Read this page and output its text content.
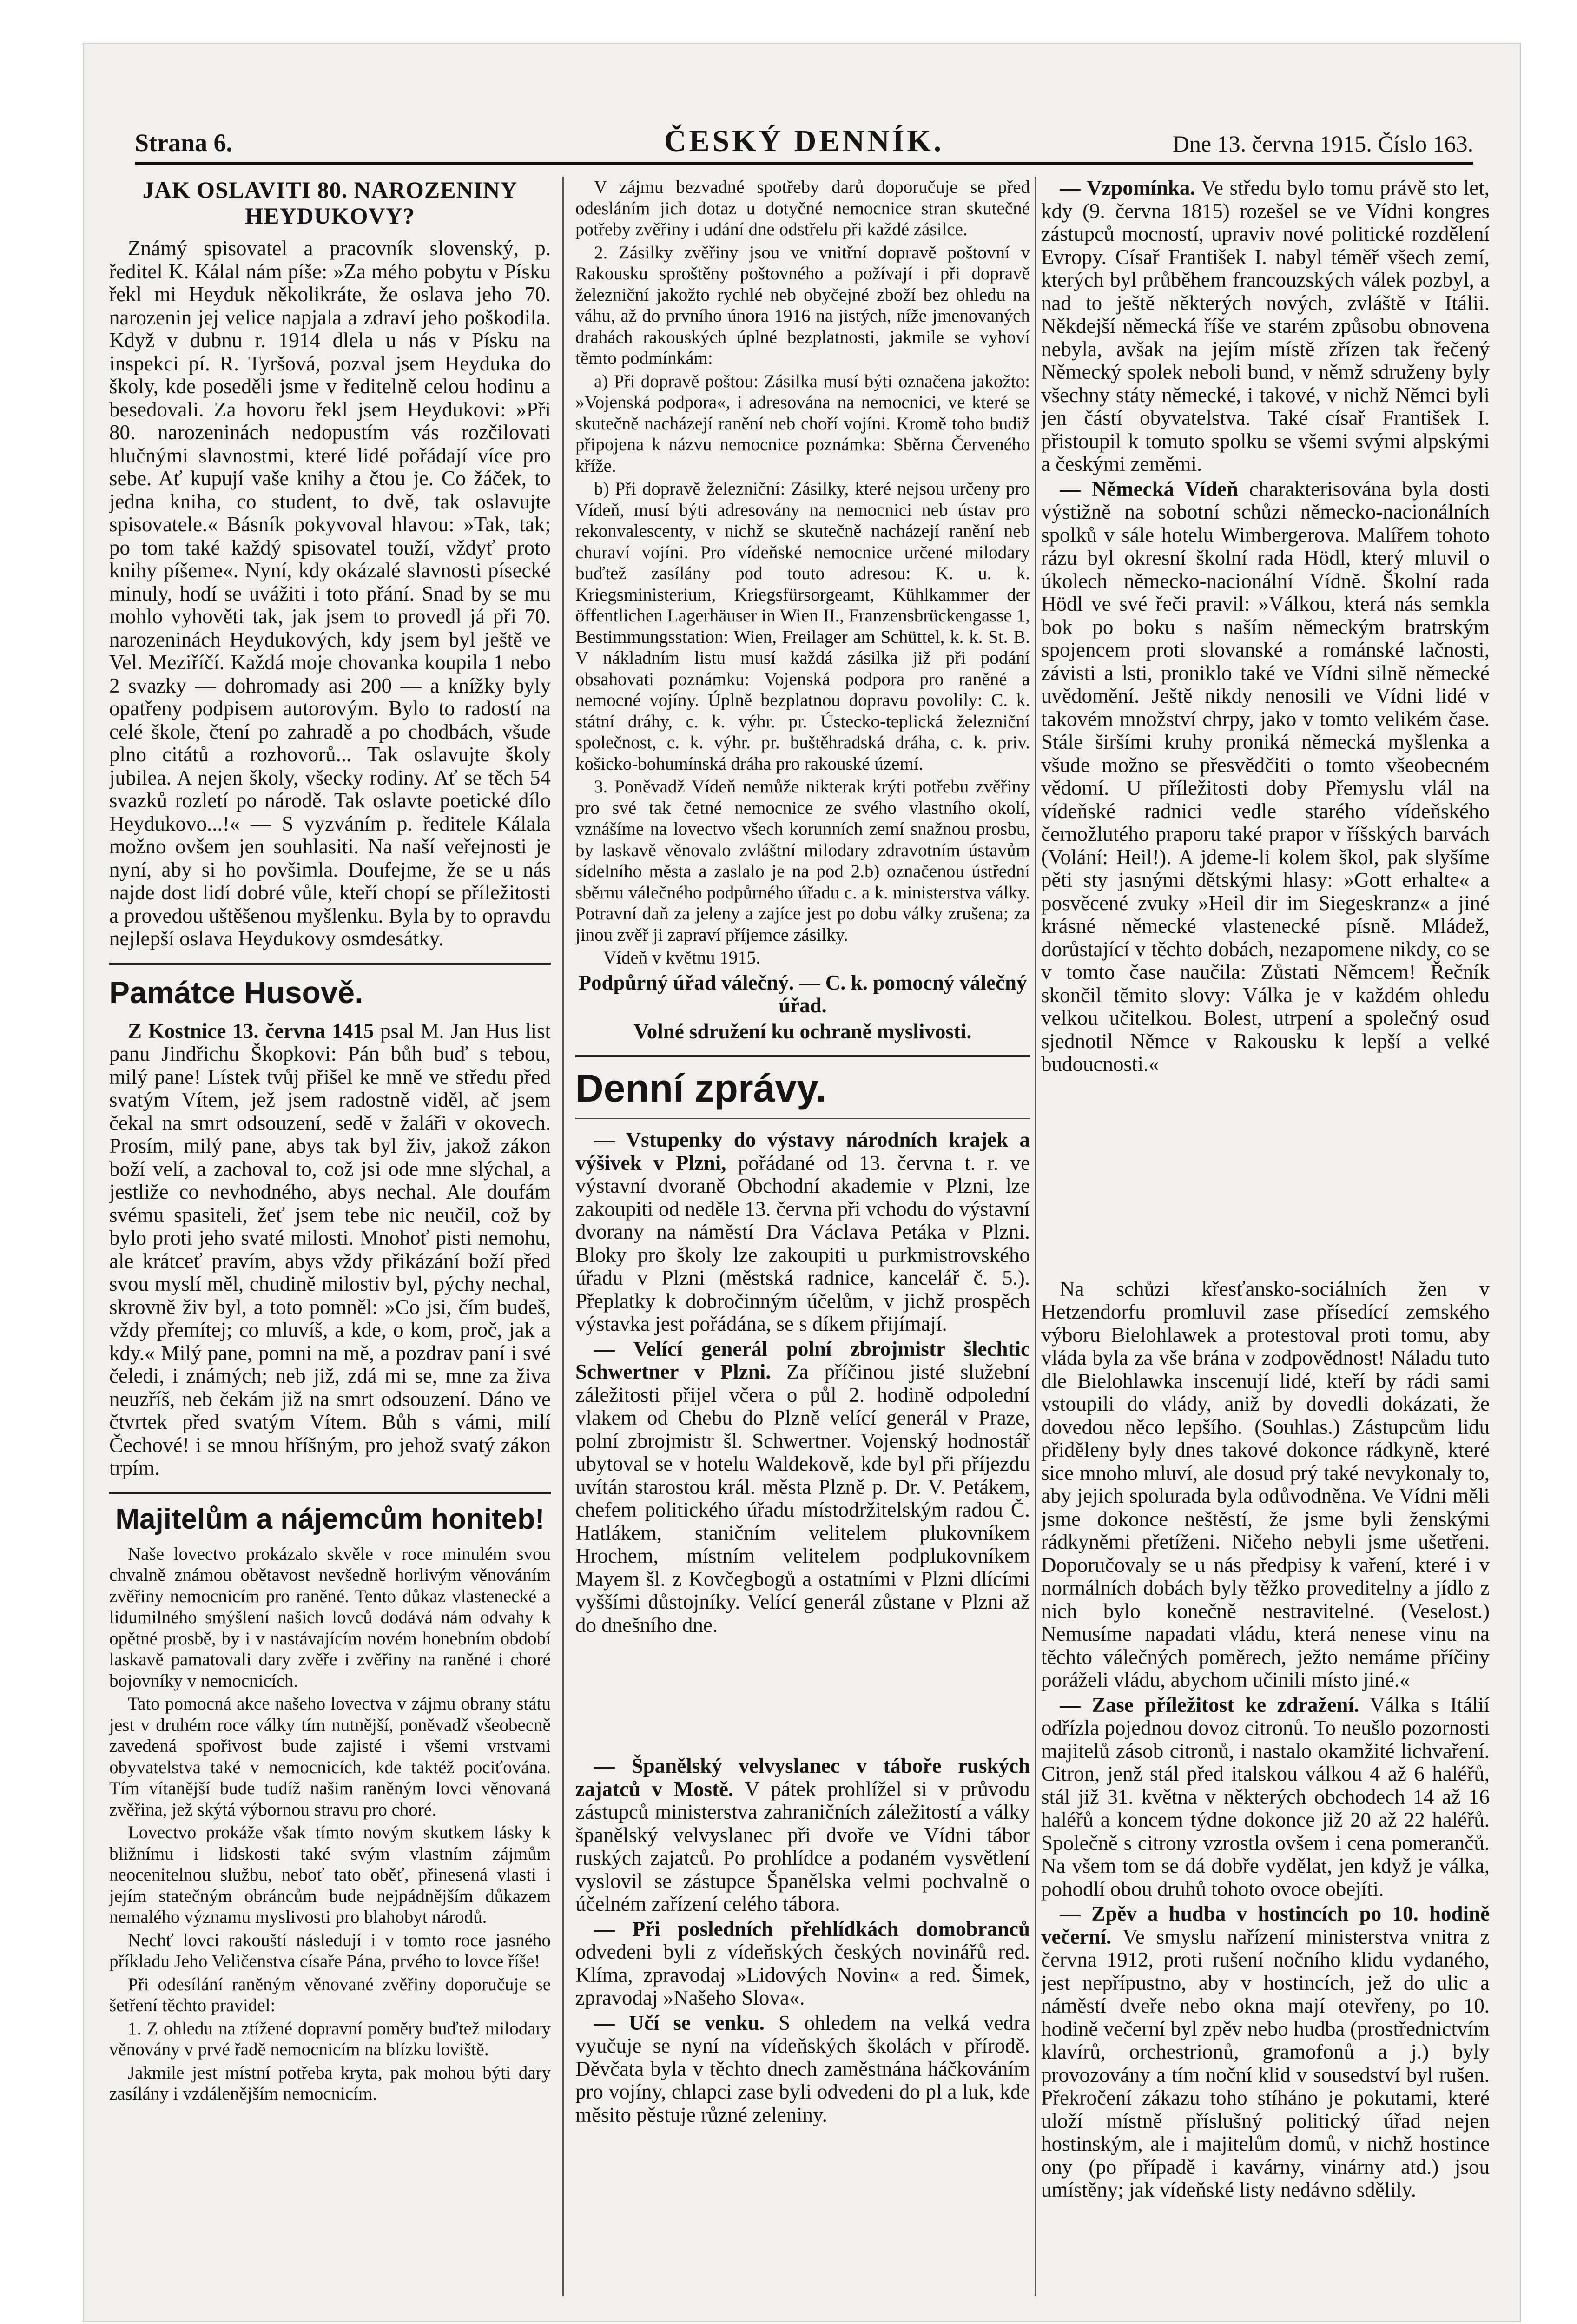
Strana 6.	ČESKÝ DENNÍK.	Dne 13. června 1915. Číslo 163.
JAK OSLAVITI 80. NAROZENINY HEYDUKOVY?

Známý spisovatel a pracovník slovenský, p. ředitel K. Kálal nám píše: »Za mého pobytu v Písku řekl mi Heyduk několikráte, že oslava jeho 70. narozenin jej velice napjala a zdraví jeho poškodila. Když v dubnu r. 1914 dlela u nás v Písku na inspekci pí. R. Tyršová, pozval jsem Heyduka do školy, kde poseděli jsme v ředitelně celou hodinu a besedovali. Za hovoru řekl jsem Heydukovi: »Při 80. narozeninách nedopustím vás rozčilovati hlučnými slavnostmi, které lidé pořádají více pro sebe. Ať kupují vaše knihy a čtou je. Co žáček, to jedna kniha, co student, to dvě, tak oslavujte spisovatele.« Básník pokyvoval hlavou: »Tak, tak; po tom také každý spisovatel touží, vždyť proto knihy píšeme«. Nyní, kdy okázalé slavnosti písecké minuly, hodí se uvážiti i toto přání. Snad by se mu mohlo vyhověti tak, jak jsem to provedl já při 70. narozeninách Heydukových, kdy jsem byl ještě ve Vel. Meziříčí. Každá moje chovanka koupila 1 nebo 2 svazky — dohromady asi 200 — a knížky byly opatřeny podpisem autorovým. Bylo to radostí na celé škole, čtení po zahradě a po chodbách, všude plno citátů a rozhovorů... Tak oslavujte školy jubilea. A nejen školy, všecky rodiny. Ať se těch 54 svazků rozletí po národě. Tak oslavte poetické dílo Heydukovo...!« — S vyzváním p. ředitele Kálala možno ovšem jen souhlasiti. Na naší veřejnosti je nyní, aby si ho povšimla. Doufejme, že se u nás najde dost lidí dobré vůle, kteří chopí se příležitosti a provedou uštěšenou myšlenku. Byla by to opravdu nejlepší oslava Heydukovy osmdesátky.

Památce Husově.

Z Kostnice 13. června 1415 psal M. Jan Hus list panu Jindřichu Škopkovi: Pán bůh buď s tebou, milý pane! Lístek tvůj přišel ke mně ve středu před svatým Vítem, jež jsem radostně viděl, ač jsem čekal na smrt odsouzení, sedě v žaláři v okovech. Prosím, milý pane, abys tak byl živ, jakož zákon boží velí, a zachoval to, což jsi ode mne slýchal, a jestliže co nevhodného, abys nechal. Ale doufám svému spasiteli, žeť jsem tebe nic neučil, což by bylo proti jeho svaté milosti. Mnohoť pisti nemohu, ale krátceť pravím, abys vždy přikázání boží před svou myslí měl, chudině milostiv byl, pýchy nechal, skrovně živ byl, a toto pomněl: »Co jsi, čím budeš, vždy přemítej; co mluvíš, a kde, o kom, proč, jak a kdy.« Milý pane, pomni na mě, a pozdrav paní i své čeledi, i známých; neb již, zdá mi se, mne za živa neuzříš, neb čekám již na smrt odsouzení. Dáno ve čtvrtek před svatým Vítem. Bůh s vámi, milí Čechové! i se mnou hříšným, pro jehož svatý zákon trpím.

Majitelům a nájemcům honiteb!

Naše lovectvo prokázalo skvěle v roce minulém svou chvalně známou obětavost nevšedně horlivým věnováním zvěřiny nemocnicím pro raněné. Tento důkaz vlastenecké a lidumilného smýšlení našich lovců dodává nám odvahy k opětné prosbě, by i v nastávajícím novém honebním období laskavě pamatovali dary zvěře i zvěřiny na raněné i choré bojovníky v nemocnicích.

Tato pomocná akce našeho lovectva v zájmu obrany státu jest v druhém roce války tím nutnější, poněvadž všeobecně zavedená spořivost bude zajisté i všemi vrstvami obyvatelstva také v nemocnicích, kde taktéž pociťována. Tím vítanější bude tudíž našim raněným lovci věnovaná zvěřina, jež skýtá výbornou stravu pro choré.

Lovectvo prokáže však tímto novým skutkem lásky k bližnímu i lidskosti také svým vlastním zájmům neocenitelnou službu, neboť tato oběť, přinesená vlasti i jejím statečným obráncům bude nejpádnějším důkazem nemalého významu myslivosti pro blahobyt národů.

Nechť lovci rakouští následují i v tomto roce jasného příkladu Jeho Veličenstva císaře Pána, prvého to lovce říše!

Při odesílání raněným věnované zvěřiny doporučuje se šetření těchto pravidel:

1. Z ohledu na ztížené dopravní poměry buďtež milodary věnovány v prvé řadě nemocnicím na blízku loviště.

Jakmile jest místní potřeba kryta, pak mohou býti dary zasílány i vzdálenějším nemocnicím.

V zájmu bezvadné spotřeby darů doporučuje se před odesláním jich dotaz u dotyčné nemocnice stran skutečné potřeby zvěřiny i udání dne odstřelu při každé zásilce.

2. Zásilky zvěřiny jsou ve vnitřní dopravě poštovní v Rakousku sproštěny poštovného a požívají i při dopravě železniční jakožto rychlé neb obyčejné zboží bez ohledu na váhu, až do prvního února 1916 na jistých, níže jmenovaných drahách rakouských úplné bezplatnosti, jakmile se vyhoví těmto podmínkám:

a) Při dopravě poštou: Zásilka musí býti označena jakožto: »Vojenská podpora«, i adresována na nemocnici, ve které se skutečně nacházejí ranění neb choří vojíni. Kromě toho budiž připojena k názvu nemocnice poznámka: Sběrna Červeného kříže.

b) Při dopravě železniční: Zásilky, které nejsou určeny pro Vídeň, musí býti adresovány na nemocnici neb ústav pro rekonvalescenty, v nichž se skutečně nacházejí ranění neb churaví vojíni. Pro vídeňské nemocnice určené milodary buďtež zasílány pod touto adresou: K. u. k. Kriegsministerium, Kriegsfürsorgeamt, Kühlkammer der öffentlichen Lagerhäuser in Wien II., Franzensbrückengasse 1, Bestimmungsstation: Wien, Freilager am Schüttel, k. k. St. B. V nákladním listu musí každá zásilka již při podání obsahovati poznámku: Vojenská podpora pro raněné a nemocné vojíny. Úplně bezplatnou dopravu povolily: C. k. státní dráhy, c. k. výhr. pr. Ústecko-teplická železniční společnost, c. k. výhr. pr. buštěhradská dráha, c. k. priv. košicko-bohumínská dráha pro rakouské území.

3. Poněvadž Vídeň nemůže nikterak krýti potřebu zvěřiny pro své tak četné nemocnice ze svého vlastního okolí, vznášíme na lovectvo všech korunních zemí snažnou prosbu, by laskavě věnovalo zvláštní milodary zdravotním ústavům sídelního města a zaslalo je na pod 2.b) označenou ústřední sběrnu válečného podpůrného úřadu c. a k. ministerstva války. Potravní daň za jeleny a zajíce jest po dobu války zrušena; za jinou zvěř ji zapraví příjemce zásilky.

Vídeň v květnu 1915.

Podpůrný úřad válečný. — C. k. pomocný válečný úřad.
Volné sdružení ku ochraně myslivosti.
Denní zprávy.

— Vstupenky do výstavy národních krajek a výšivek v Plzni, pořádané od 13. června t. r. ve výstavní dvoraně Obchodní akademie v Plzni, lze zakoupiti od neděle 13. června při vchodu do výstavní dvorany na náměstí Dra Václava Petáka v Plzni. Bloky pro školy lze zakoupiti u purkmistrovského úřadu v Plzni (městská radnice, kancelář č. 5.). Přeplatky k dobročinným účelům, v jichž prospěch výstavka jest pořádána, se s díkem přijímají.

— Velící generál polní zbrojmistr šlechtic Schwertner v Plzni. Za příčinou jisté služební záležitosti přijel včera o půl 2. hodině odpolední vlakem od Chebu do Plzně velící generál v Praze, polní zbrojmistr šl. Schwertner. Vojenský hodnostář ubytoval se v hotelu Waldekově, kde byl při příjezdu uvítán starostou král. města Plzně p. Dr. V. Petákem, chefem politického úřadu místodržitelským radou Č. Hatlákem, staničním velitelem plukovníkem Hrochem, místním velitelem podplukovníkem Mayem šl. z Kovčegbogů a ostatními v Plzni dlícími vyššími důstojníky. Velící generál zůstane v Plzni až do dnešního dne.

— Španělský velvyslanec v táboře ruských zajatců v Mostě. V pátek prohlížel si v průvodu zástupců ministerstva zahraničních záležitostí a války španělský velvyslanec při dvoře ve Vídni tábor ruských zajatců. Po prohlídce a podaném vysvětlení vyslovil se zástupce Španělska velmi pochvalně o účelném zařízení celého tábora.

— Při posledních přehlídkách domobranců odvedeni byli z vídeňských českých novinářů red. Klíma, zpravodaj »Lidových Novin« a red. Šimek, zpravodaj »Našeho Slova«.

— Učí se venku. S ohledem na velká vedra vyučuje se nyní na vídeňských školách v přírodě. Děvčata byla v těchto dnech zaměstnána háčkováním pro vojíny, chlapci zase byli odvedeni do pl a luk, kde měsito pěstuje různé zeleniny.

— Vzpomínka. Ve středu bylo tomu právě sto let, kdy (9. června 1815) rozešel se ve Vídni kongres zástupců mocností, upraviv nové politické rozdělení Evropy. Císař František I. nabyl téměř všech zemí, kterých byl průběhem francouzských válek pozbyl, a nad to ještě některých nových, zvláště v Itálii. Někdejší německá říše ve starém způsobu obnovena nebyla, avšak na jejím místě zřízen tak řečený Německý spolek neboli bund, v němž sdruženy byly všechny státy německé, i takové, v nichž Němci byli jen částí obyvatelstva. Také císař František I. přistoupil k tomuto spolku se všemi svými alpskými a českými zeměmi.

— Německá Vídeň charakterisována byla dosti výstižně na sobotní schůzi německo-nacionálních spolků v sále hotelu Wimbergerova. Malířem tohoto rázu byl okresní školní rada Hödl, který mluvil o úkolech německo-nacionální Vídně. Školní rada Hödl ve své řeči pravil: »Válkou, která nás semkla bok po boku s naším německým bratrským spojencem proti slovanské a románské lačnosti, závisti a lsti, proniklo také ve Vídni silně německé uvědomění. Ještě nikdy nenosili ve Vídni lidé v takovém množství chrpy, jako v tomto velikém čase. Stále širšími kruhy proniká německá myšlenka a všude možno se přesvědčiti o tomto všeobecném vědomí. U příležitosti doby Přemyslu vlál na vídeňské radnici vedle starého vídeňského černožlutého praporu také prapor v říšských barvách (Volání: Heil!). A jdeme-li kolem škol, pak slyšíme pěti sty jasnými dětskými hlasy: »Gott erhalte« a posvěcené zvuky »Heil dir im Siegeskranz« a jiné krásné německé vlastenecké písně. Mládež, dorůstající v těchto dobách, nezapomene nikdy, co se v tomto čase naučila: Zůstati Němcem! Řečník skončil těmito slovy: Válka je v každém ohledu velkou učitelkou. Bolest, utrpení a společný osud sjednotil Němce v Rakousku k lepší a velké budoucnosti.«

Na schůzi křesťansko-sociálních žen v Hetzendorfu promluvil zase přísedící zemského výboru Bielohlawek a protestoval proti tomu, aby vláda byla za vše brána v zodpovědnost! Náladu tuto dle Bielohlawka inscenují lidé, kteří by rádi sami vstoupili do vlády, aniž by dovedli dokázati, že dovedou něco lepšího. (Souhlas.) Zástupcům lidu přiděleny byly dnes takové dokonce rádkyně, které sice mnoho mluví, ale dosud prý také nevykonaly to, aby jejich spolurada byla odůvodněna. Ve Vídni měli jsme dokonce neštěstí, že jsme byli ženskými rádkyněmi přetíženi. Ničeho nebyli jsme ušetřeni. Doporučovaly se u nás předpisy k vaření, které i v normálních dobách byly těžko proveditelny a jídlo z nich bylo konečně nestravitelné. (Veselost.) Nemusíme napadati vládu, která nenese vinu na těchto válečných poměrech, ježto nemáme příčiny poráželi vládu, abychom učinili místo jiné.«

— Zase příležitost ke zdražení. Válka s Itálií odřízla pojednou dovoz citronů. To neušlo pozornosti majitelů zásob citronů, i nastalo okamžité lichvaření. Citron, jenž stál před italskou válkou 4 až 6 haléřů, stál již 31. května v některých obchodech 14 až 16 haléřů a koncem týdne dokonce již 20 až 22 haléřů. Společně s citrony vzrostla ovšem i cena pomerančů. Na všem tom se dá dobře vydělat, jen když je válka, pohodlí obou druhů tohoto ovoce obejíti.

— Zpěv a hudba v hostincích po 10. hodině večerní. Ve smyslu nařízení ministerstva vnitra z června 1912, proti rušení nočního klidu vydaného, jest nepřípustno, aby v hostincích, jež do ulic a náměstí dveře nebo okna mají otevřeny, po 10. hodině večerní byl zpěv nebo hudba (prostřednictvím klavírů, orchestrionů, gramofonů a j.) byly provozovány a tím noční klid v sousedství byl rušen. Překročení zákazu toho stíháno je pokutami, které uloží místně příslušný politický úřad nejen hostinským, ale i majitelům domů, v nichž hostince ony (po případě i kavárny, vinárny atd.) jsou umístěny; jak vídeňské listy nedávno sdělily.
